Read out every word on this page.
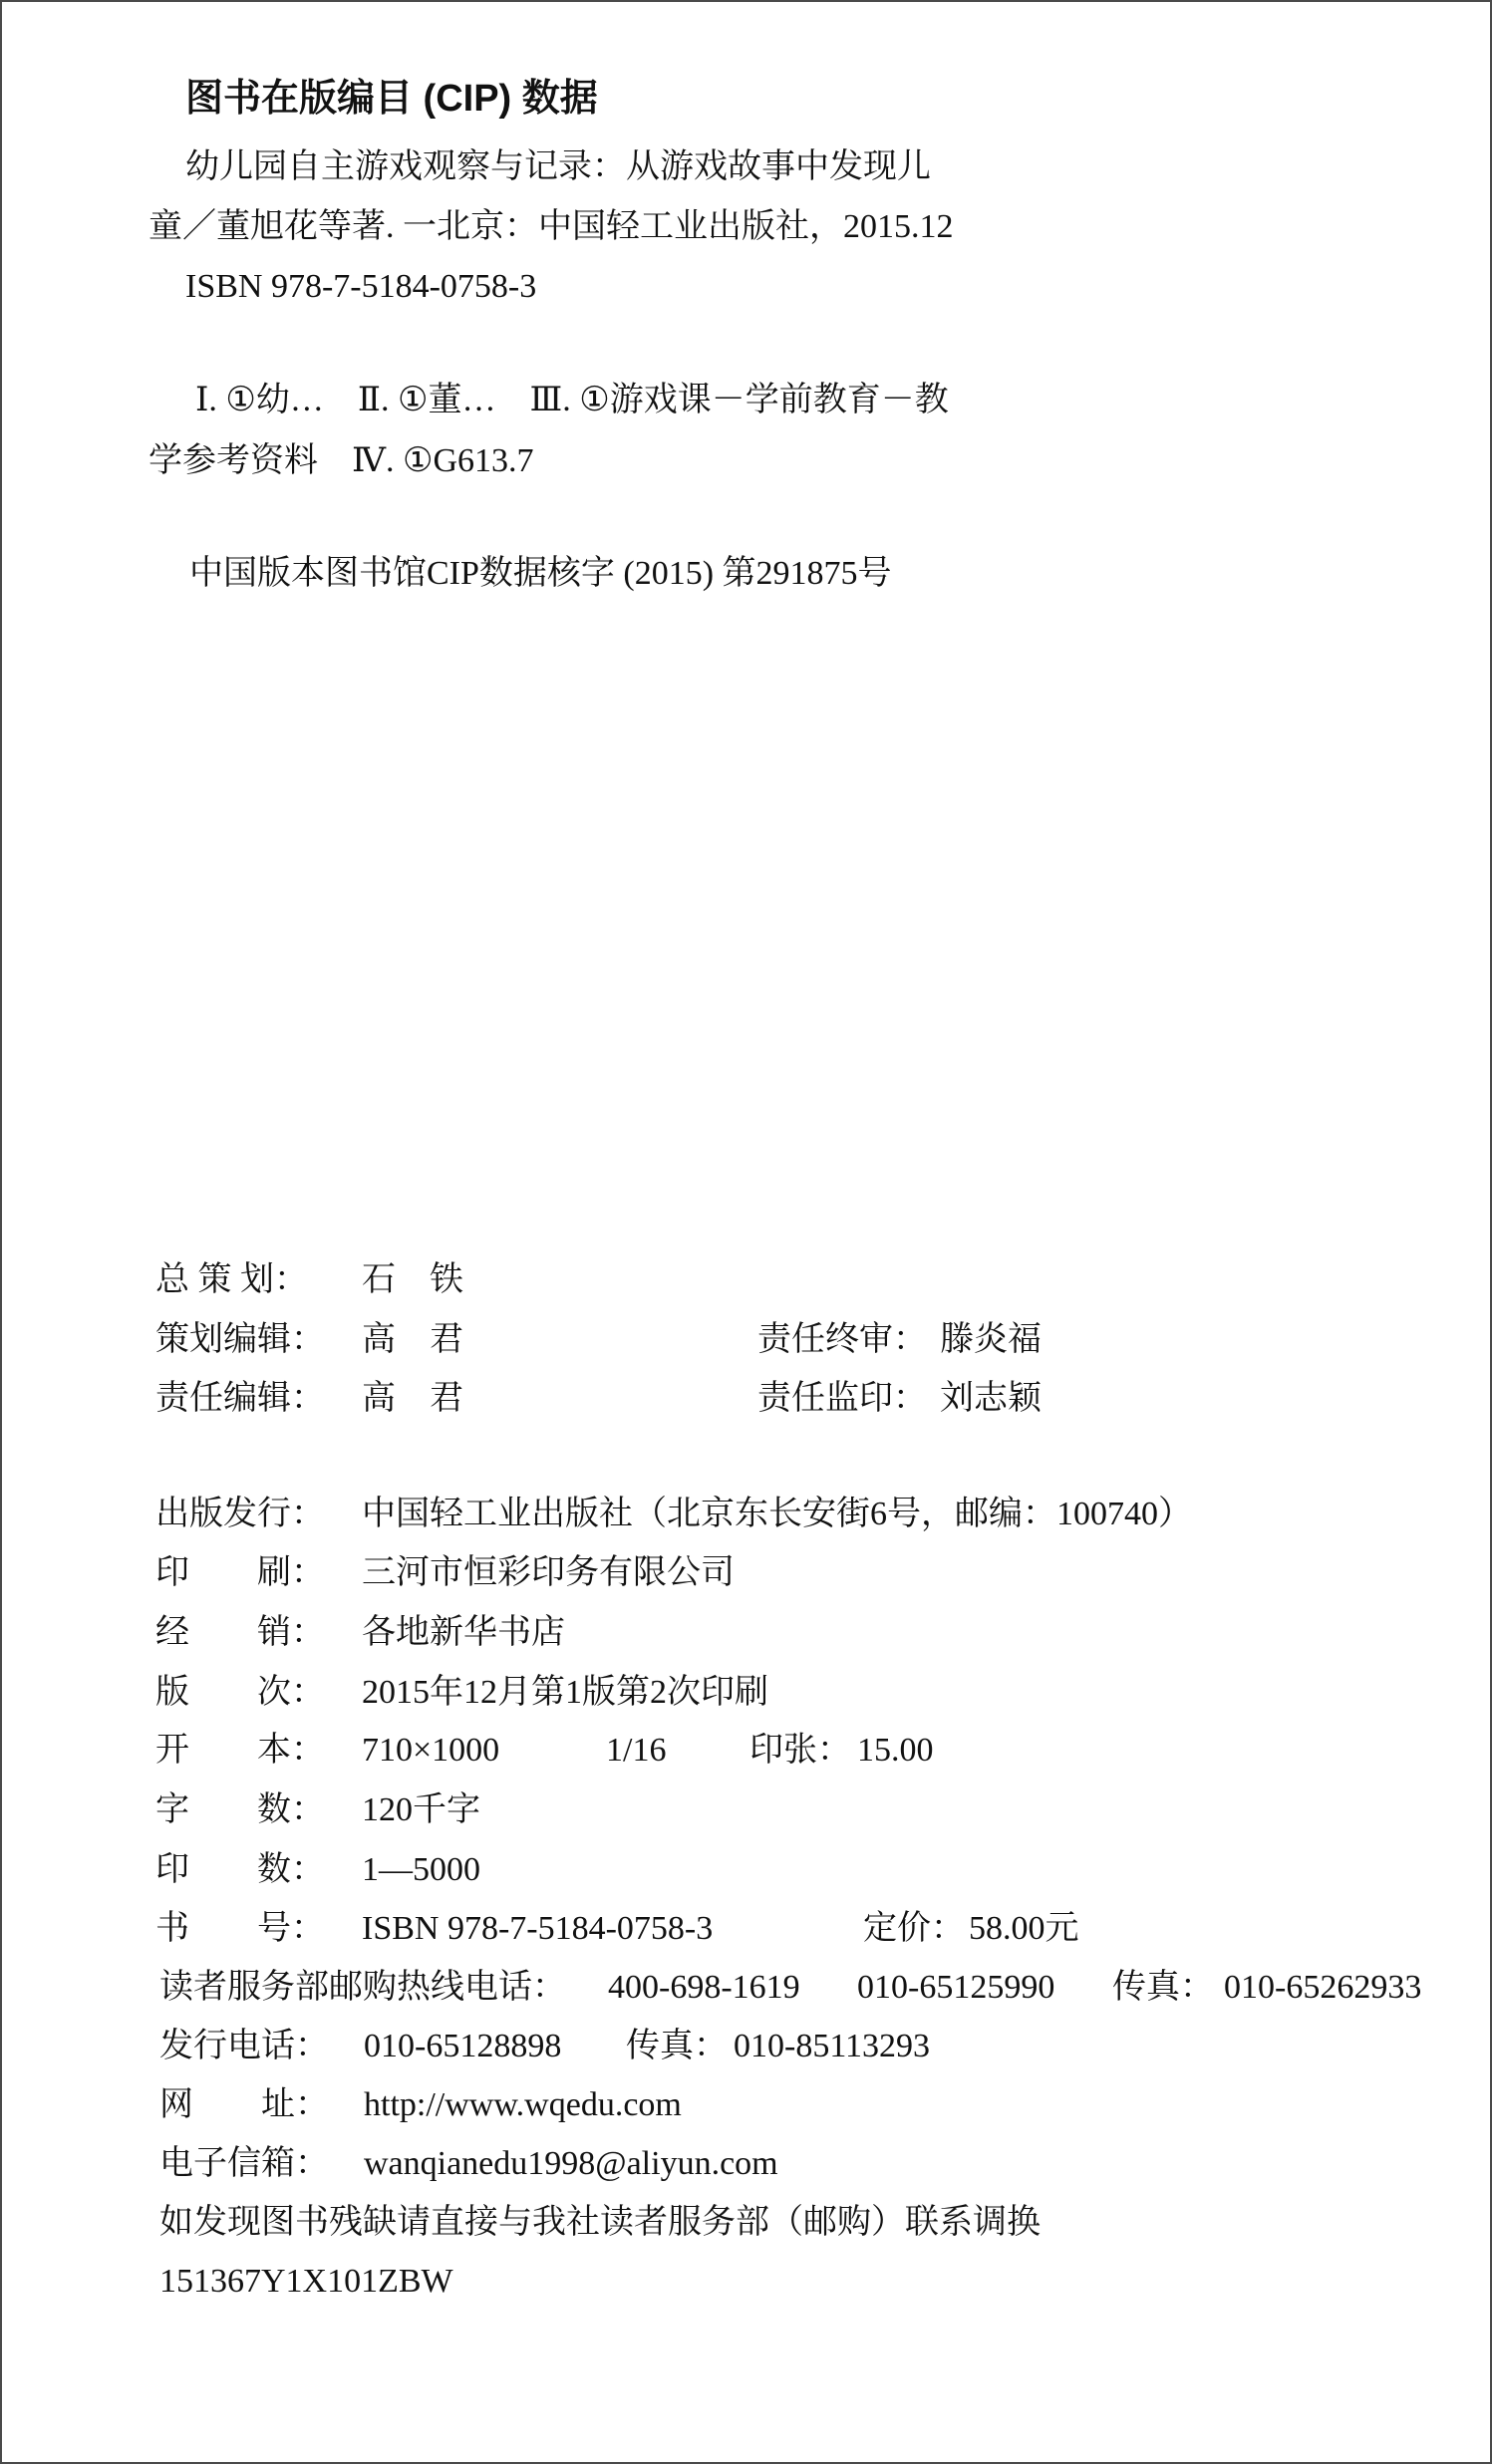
图书在版编目 (CIP) 数据
幼儿园自主游戏观察与记录：从游戏故事中发现儿
童／董旭花等著. 一北京：中国轻工业出版社，2015.12
ISBN 978-7-5184-0758-3
Ⅰ. ①幼…　Ⅱ. ①董…　Ⅲ. ①游戏课－学前教育－教
学参考资料　Ⅳ. ①G613.7
中国版本图书馆CIP数据核字 (2015) 第291875号
总 策 划： 石　铁
策划编辑： 高　君	责任终审： 滕炎福
责任编辑： 高　君	责任监印： 刘志颖
出版发行： 中国轻工业出版社（北京东长安街6号，邮编：100740）
印　　刷： 三河市恒彩印务有限公司
经　　销： 各地新华书店
版　　次： 2015年12月第1版第2次印刷
开　　本： 710×1000	1/16 印张： 15.00
字　　数： 120千字
印　　数： 1—5000
书　　号： ISBN 978-7-5184-0758-3	定价： 58.00元
读者服务部邮购热线电话： 400-698-1619 010-65125990 传真： 010-65262933
发行电话： 010-65128898 传真： 010-85113293
网　　址： http://www.wqedu.com
电子信箱： wanqianedu1998@aliyun.com
如发现图书残缺请直接与我社读者服务部（邮购）联系调换
151367Y1X101ZBW
